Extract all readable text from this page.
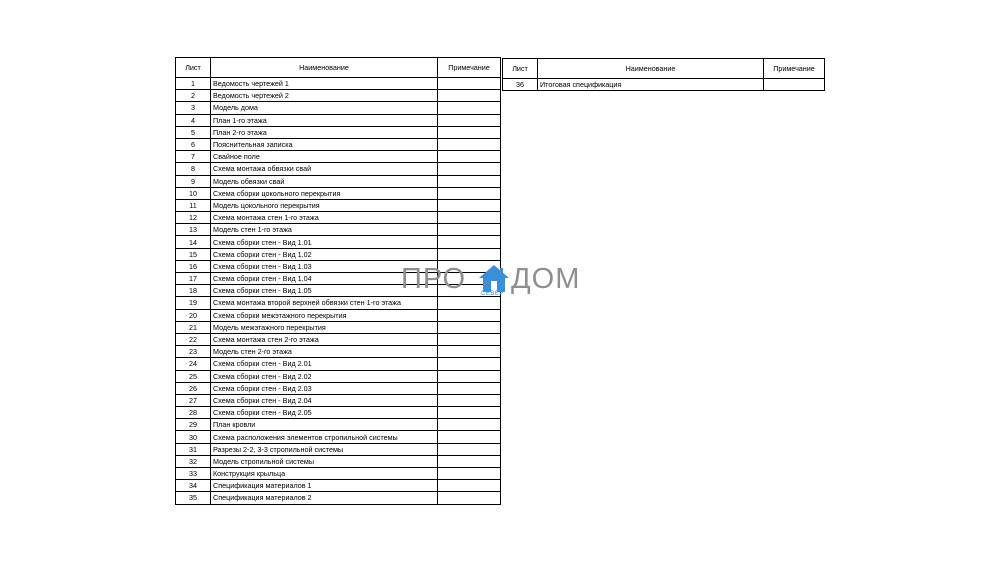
Лист	Наименование	Примечание
1	Ведомость чертежей 1	
2	Ведомость чертежей 2	
3	Модель дома	
4	План 1-го этажа	
5	План 2-го этажа	
6	Пояснительная записка	
7	Свайное поле	
8	Схема монтажа обвязки свай	
9	Модель обвязки свай	
10	Схема сборки цокольного перекрытия	
11	Модель цокольного перекрытия	
12	Схема монтажа стен 1-го этажа	
13	Модель стен 1-го этажа	
14	Схема сборки стен - Вид 1.01	
15	Схема сборки стен - Вид 1.02	
16	Схема сборки стен - Вид 1.03	
17	Схема сборки стен - Вид 1.04	
18	Схема сборки стен - Вид 1.05	
19	Схема монтажа второй верхней обвязки стен 1-го этажа	
20	Схема сборки межэтажного перекрытия	
21	Модель межэтажного перекрытия	
22	Схема монтажа стен 2-го этажа	
23	Модель стен 2-го этажа	
24	Схема сборки стен - Вид 2.01	
25	Схема сборки стен - Вид 2.02	
26	Схема сборки стен - Вид 2.03	
27	Схема сборки стен - Вид 2.04	
28	Схема сборки стен - Вид 2.05	
29	План кровли	
30	Схема расположения элементов стропильной системы	
31	Разрезы 2-2, 3-3 стропильной системы	
32	Модель стропильной системы	
33	Конструкция крыльца	
34	Спецификация материалов 1	
35	Спецификация материалов 2	
Лист	Наименование	Примечание
36	Итоговая спецификация	
ПРО СЕВЕР ДОМ
